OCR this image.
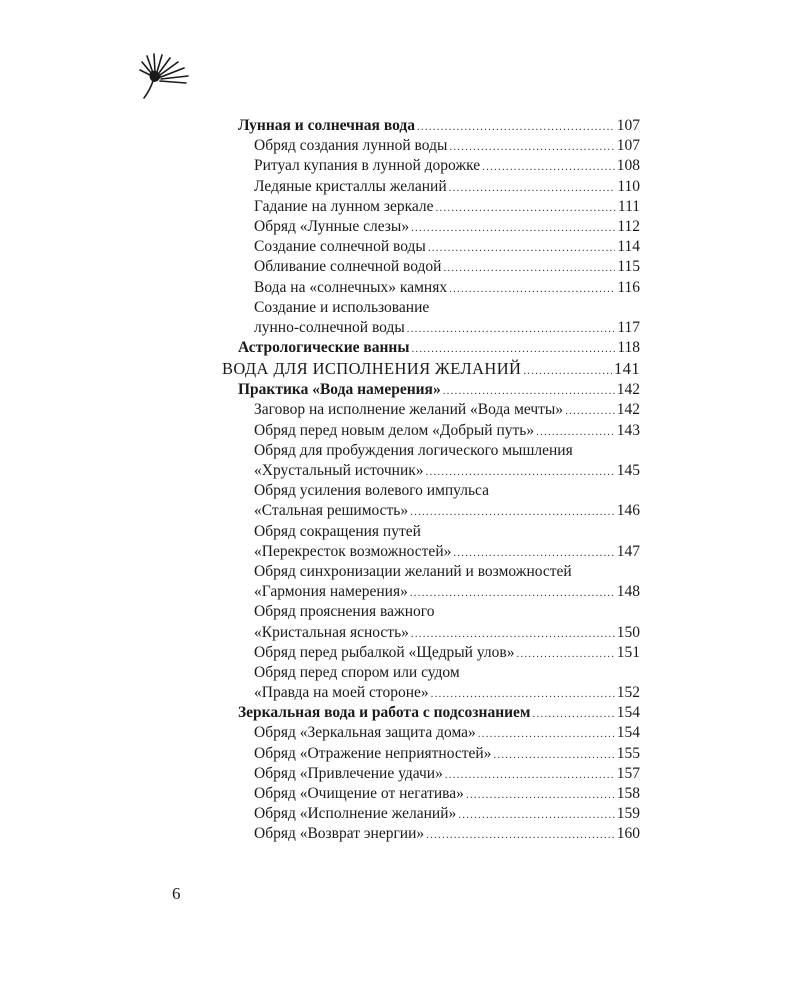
Лунная и солнечная вода .....	107
Обряд создания лунной воды .....	107
Ритуал купания в лунной дорожке .....	108
Ледяные кристаллы желаний .....	110
Гадание на лунном зеркале .....	111
Обряд «Лунные слезы» .....	112
Создание солнечной воды .....	114
Обливание солнечной водой .....	115
Вода на «солнечных» камнях .....	116
Создание и использование
лунно-солнечной воды .....	117
Астрологические ванны .....	118
ВОДА ДЛЯ ИСПОЛНЕНИЯ ЖЕЛАНИЙ .....	141
Практика «Вода намерения» .....	142
Заговор на исполнение желаний «Вода мечты» .....	142
Обряд перед новым делом «Добрый путь» .....	143
Обряд для пробуждения логического мышления
«Хрустальный источник» .....	145
Обряд усиления волевого импульса
«Стальная решимость» .....	146
Обряд сокращения путей
«Перекресток возможностей» .....	147
Обряд синхронизации желаний и возможностей
«Гармония намерения» .....	148
Обряд прояснения важного
«Кристальная ясность» .....	150
Обряд перед рыбалкой «Щедрый улов» .....	151
Обряд перед спором или судом
«Правда на моей стороне» .....	152
Зеркальная вода и работа с подсознанием .....	154
Обряд «Зеркальная защита дома» .....	154
Обряд «Отражение неприятностей» .....	155
Обряд «Привлечение удачи» .....	157
Обряд «Очищение от негатива» .....	158
Обряд «Исполнение желаний» .....	159
Обряд «Возврат энергии» .....	160
6
